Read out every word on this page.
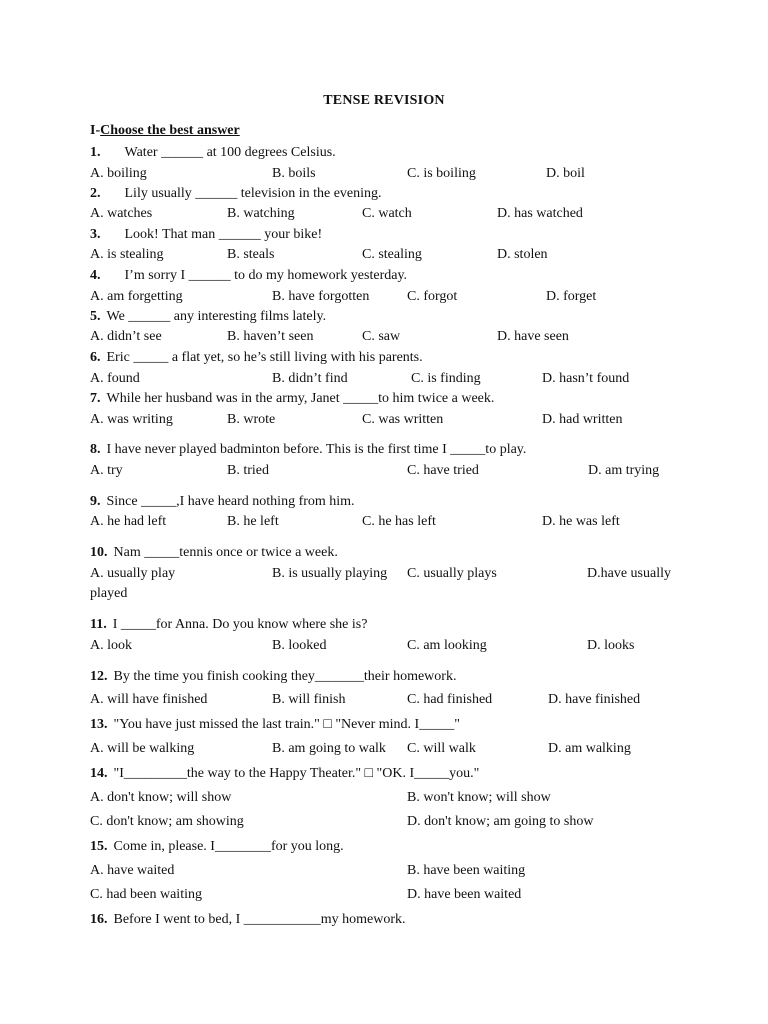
TENSE REVISION
I-Choose the best answer
1. Water ______ at 100 degrees Celsius.
A. boiling	B. boils	C. is boiling	D. boil
2. Lily usually ______ television in the evening.
A. watches	B. watching	C. watch	D. has watched
3. Look! That man ______ your bike!
A. is stealing	B. steals	C. stealing	D. stolen
4. I’m sorry I ______ to do my homework yesterday.
A. am forgetting	B. have forgotten	C. forgot	D. forget
5. We ______ any interesting films lately.
A. didn’t see	B. haven’t seen	C. saw	D. have seen
6. Eric _____ a flat yet, so he’s still living with his parents.
A. found	B. didn’t find	C. is finding	D. hasn’t found
7. While her husband was in the army, Janet _____to him twice a week.
A. was writing	B. wrote	C. was written	D. had written
8. I have never played badminton before. This is the first time I _____to play.
A. try	B. tried	C. have tried	D. am trying
9. Since _____,I have heard nothing from him.
A. he had left	B. he left	C. he has left	D. he was left
10. Nam _____tennis once or twice a week.
A. usually play	B. is usually playing C. usually plays	D.have usually
played
11. I _____for Anna. Do you know where she is?
A. look	B. looked	C. am looking	D. looks
12. By the time you finish cooking they_______their homework.
A. will have finished	B. will finish	C. had finished	D. have finished
13. "You have just missed the last train." □ "Never mind. I_____"
A. will be walking	B. am going to walk C. will walk	D. am walking
14. "I_________the way to the Happy Theater." □ "OK. I_____you."
A. don't know; will show	B. won't know; will show
C. don't know; am showing	D. don't know; am going to show
15. Come in, please. I________for you long.
A. have waited	B. have been waiting
C. had been waiting	D. have been waited
16. Before I went to bed, I ___________my homework.
